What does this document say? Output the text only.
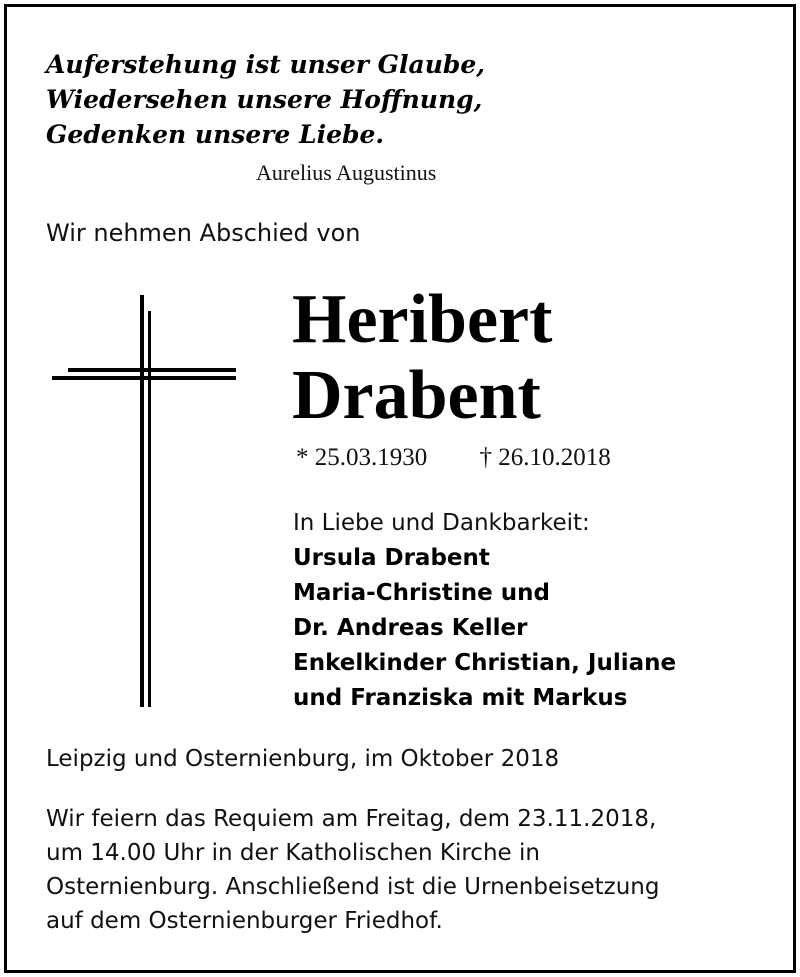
Auferstehung ist unser Glaube,
Wiedersehen unsere Hoffnung,
Gedenken unsere Liebe.
Aurelius Augustinus
Wir nehmen Abschied von
Heribert
Drabent
* 25.03.1930 † 26.10.2018
In Liebe und Dankbarkeit:
Ursula Drabent
Maria-Christine und
Dr. Andreas Keller
Enkelkinder Christian, Juliane
und Franziska mit Markus
Leipzig und Osternienburg, im Oktober 2018
Wir feiern das Requiem am Freitag, dem 23.11.2018,
um 14.00 Uhr in der Katholischen Kirche in
Osternienburg. Anschließend ist die Urnenbeisetzung
auf dem Osternienburger Friedhof.
